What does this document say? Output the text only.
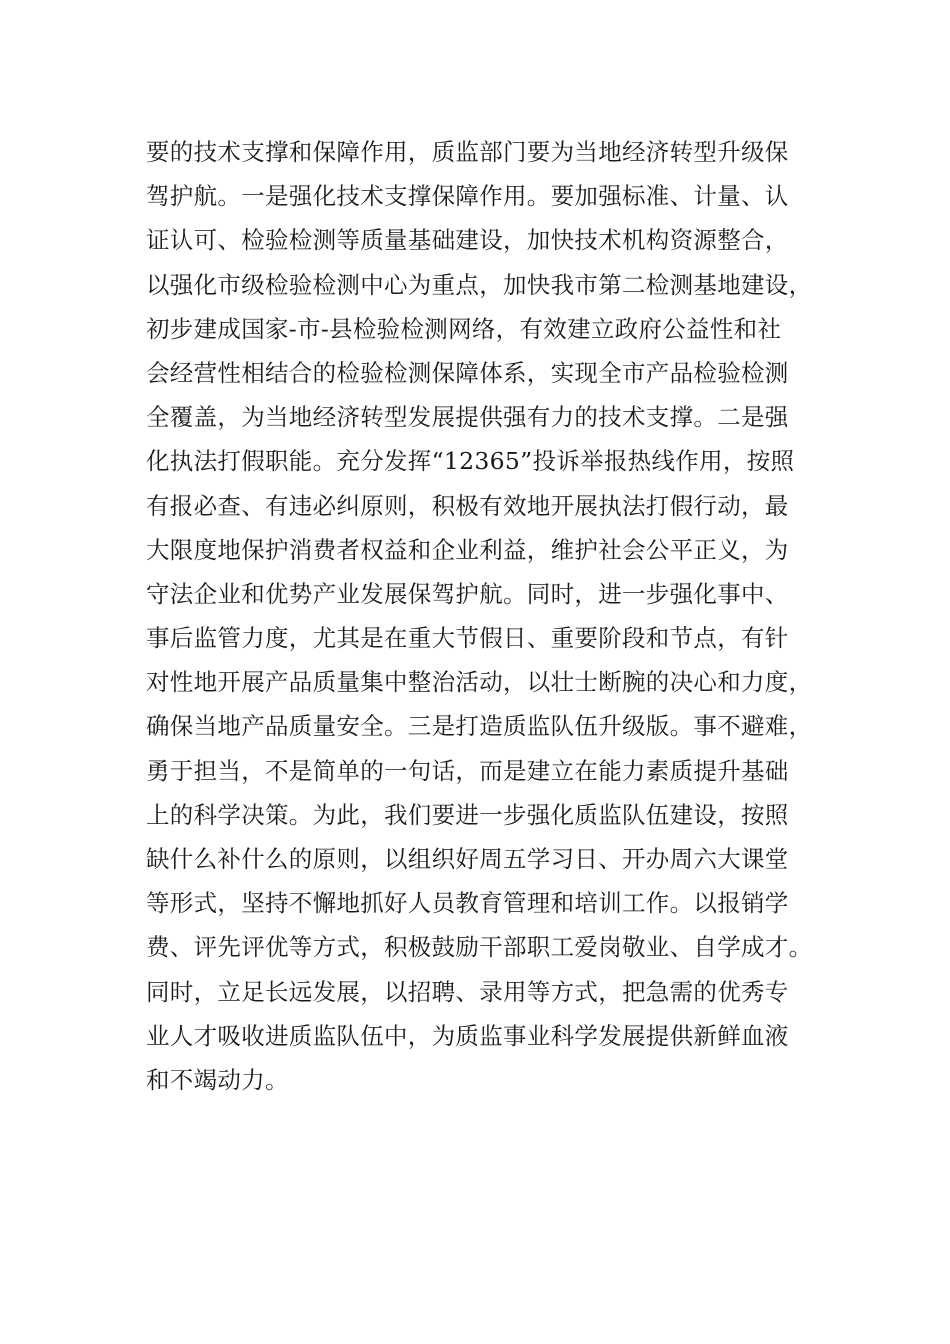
要的技术支撑和保障作用，质监部门要为当地经济转型升级保
驾护航。一是强化技术支撑保障作用。要加强标准、计量、认
证认可、检验检测等质量基础建设，加快技术机构资源整合，
以强化市级检验检测中心为重点，加快我市第二检测基地建设，
初步建成国家-市-县检验检测网络，有效建立政府公益性和社
会经营性相结合的检验检测保障体系，实现全市产品检验检测
全覆盖，为当地经济转型发展提供强有力的技术支撑。二是强
化执法打假职能。充分发挥“12365”投诉举报热线作用，按照
有报必查、有违必纠原则，积极有效地开展执法打假行动，最
大限度地保护消费者权益和企业利益，维护社会公平正义，为
守法企业和优势产业发展保驾护航。同时，进一步强化事中、
事后监管力度，尤其是在重大节假日、重要阶段和节点，有针
对性地开展产品质量集中整治活动，以壮士断腕的决心和力度，
确保当地产品质量安全。三是打造质监队伍升级版。事不避难，
勇于担当，不是简单的一句话，而是建立在能力素质提升基础
上的科学决策。为此，我们要进一步强化质监队伍建设，按照
缺什么补什么的原则，以组织好周五学习日、开办周六大课堂
等形式，坚持不懈地抓好人员教育管理和培训工作。以报销学
费、评先评优等方式，积极鼓励干部职工爱岗敬业、自学成才。
同时，立足长远发展，以招聘、录用等方式，把急需的优秀专
业人才吸收进质监队伍中，为质监事业科学发展提供新鲜血液
和不竭动力。
